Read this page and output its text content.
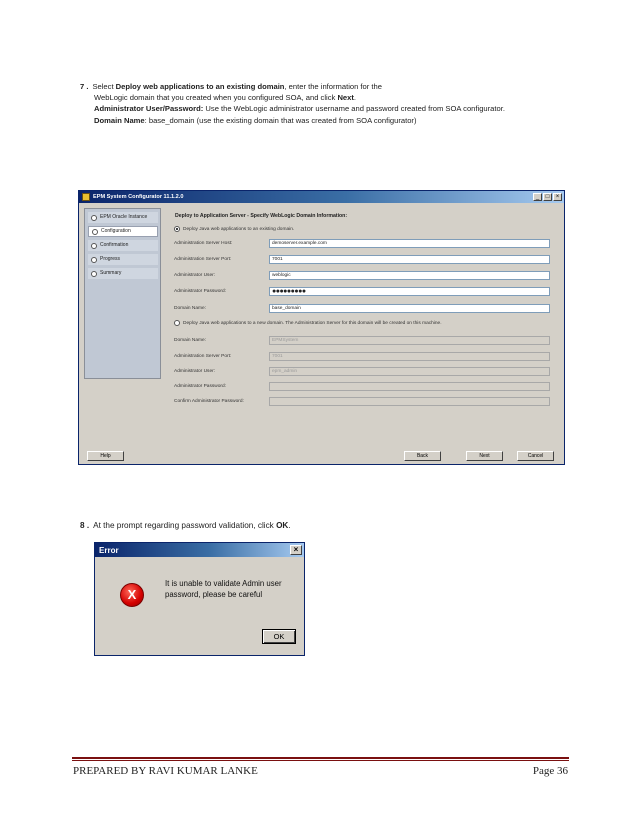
7 . Select Deploy web applications to an existing domain, enter the information for the
WebLogic domain that you created when you configured SOA, and click Next.
Administrator User/Password: Use the WebLogic administrator username and password created from SOA configurator.
Domain Name: base_domain (use the existing domain that was created from SOA configurator)
EPM System Configurator 11.1.2.0	_	□	×
EPM Oracle Instance
Configuration
Confirmation
Progress
Summary
Deploy to Application Server - Specify WebLogic Domain Information:
Deploy Java web applications to an existing domain.
Administration Server Host:	demoserver.example.com
Administration Server Port:	7001
Administrator User:	weblogic
Administrator Password:	●●●●●●●●●
Domain Name:	base_domain
Deploy Java web applications to a new domain. The Administration Server for this domain will be created on this machine.
Domain Name:	EPMSystem
Administration Server Port:	7001
Administrator User:	epm_admin
Administrator Password:
Confirm Administrator Password:
Help	Back	Next	Cancel
8 . At the prompt regarding password validation, click OK.
Error	×
X
It is unable to validate Admin user password, please be careful
OK
PREPARED BY RAVI KUMAR LANKE	Page 36
